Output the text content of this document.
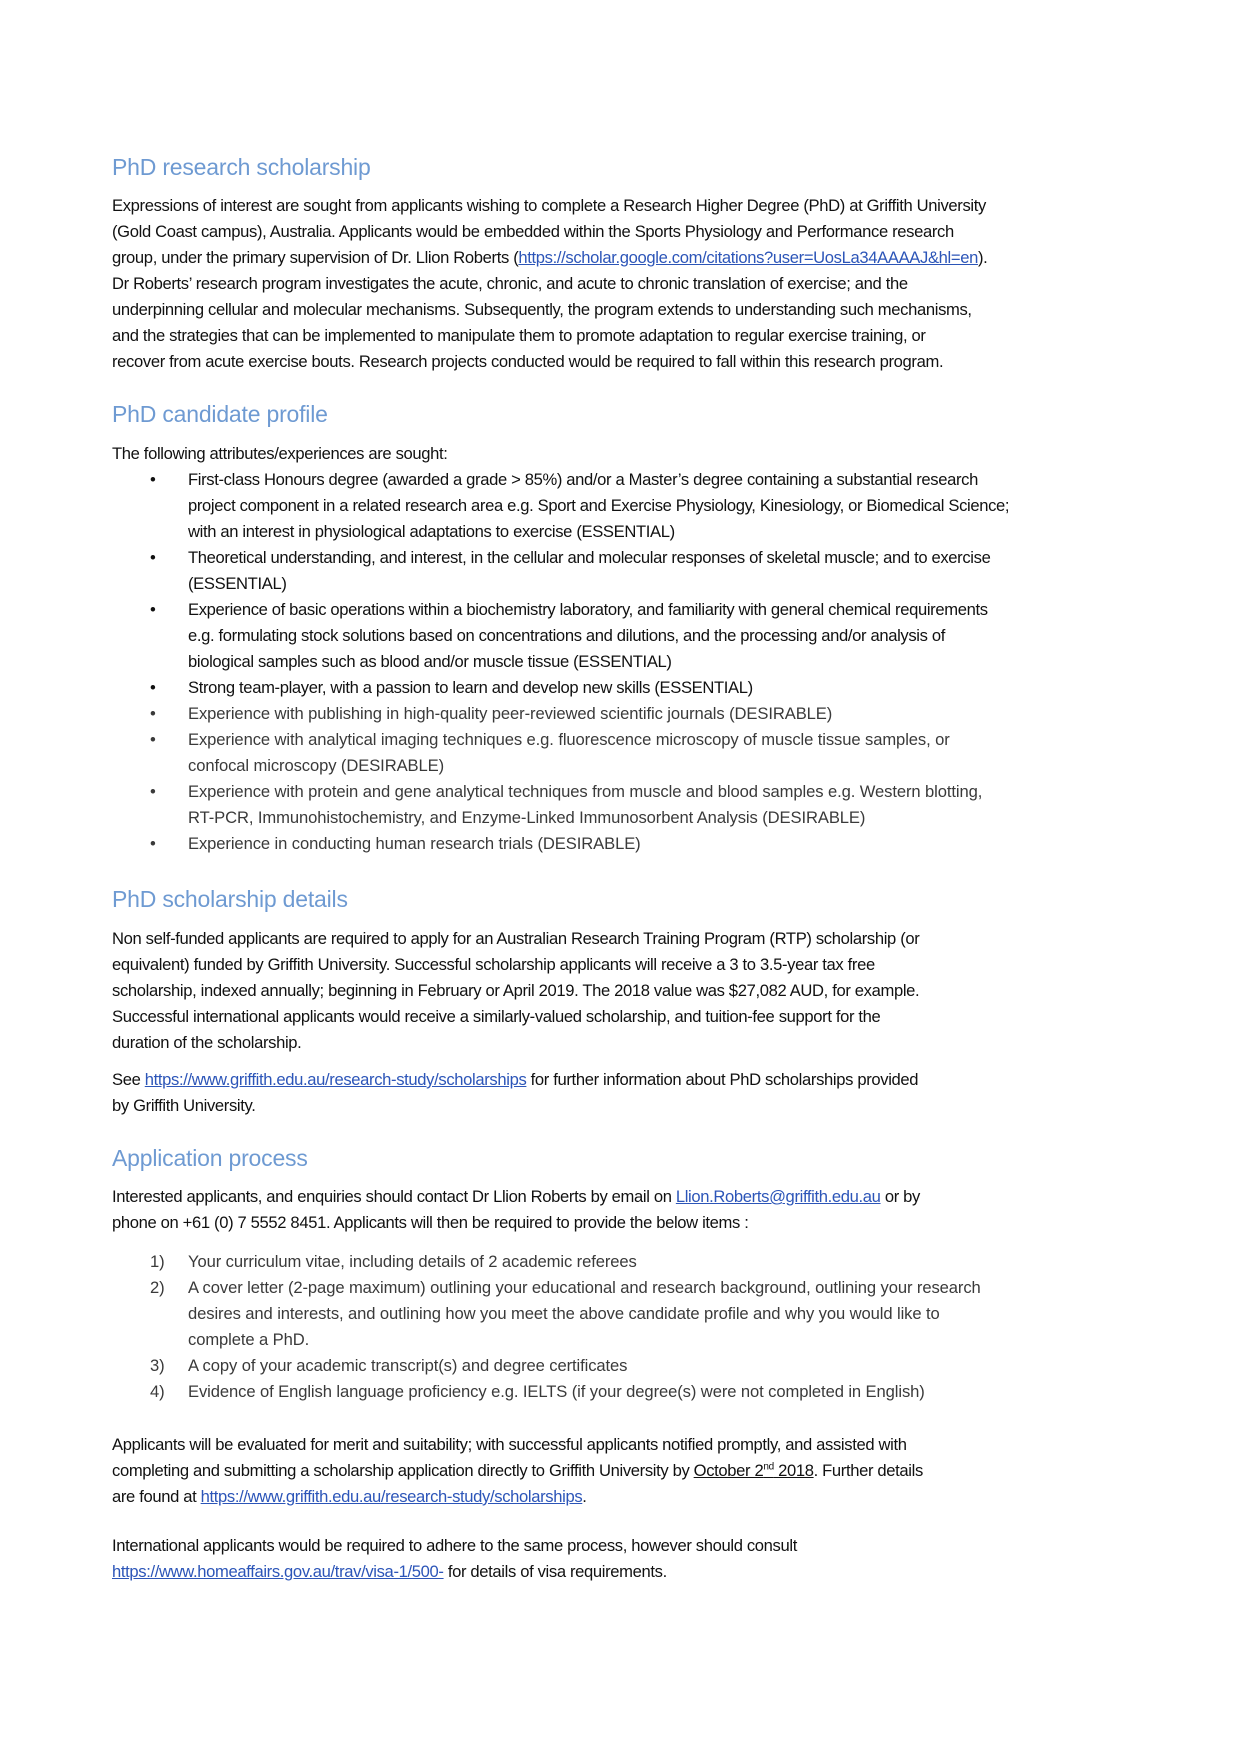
PhD research scholarship
Expressions of interest are sought from applicants wishing to complete a Research Higher Degree (PhD) at Griffith University
(Gold Coast campus), Australia. Applicants would be embedded within the Sports Physiology and Performance research
group, under the primary supervision of Dr. Llion Roberts (https://scholar.google.com/citations?user=UosLa34AAAAJ&hl=en).
Dr Roberts’ research program investigates the acute, chronic, and acute to chronic translation of exercise; and the
underpinning cellular and molecular mechanisms. Subsequently, the program extends to understanding such mechanisms,
and the strategies that can be implemented to manipulate them to promote adaptation to regular exercise training, or
recover from acute exercise bouts. Research projects conducted would be required to fall within this research program.
PhD candidate profile
The following attributes/experiences are sought:
• First-class Honours degree (awarded a grade > 85%) and/or a Master’s degree containing a substantial research
project component in a related research area e.g. Sport and Exercise Physiology, Kinesiology, or Biomedical Science;
with an interest in physiological adaptations to exercise (ESSENTIAL)
• Theoretical understanding, and interest, in the cellular and molecular responses of skeletal muscle; and to exercise
(ESSENTIAL)
• Experience of basic operations within a biochemistry laboratory, and familiarity with general chemical requirements
e.g. formulating stock solutions based on concentrations and dilutions, and the processing and/or analysis of
biological samples such as blood and/or muscle tissue (ESSENTIAL)
• Strong team-player, with a passion to learn and develop new skills (ESSENTIAL)
• Experience with publishing in high-quality peer-reviewed scientific journals (DESIRABLE)
• Experience with analytical imaging techniques e.g. fluorescence microscopy of muscle tissue samples, or
confocal microscopy (DESIRABLE)
• Experience with protein and gene analytical techniques from muscle and blood samples e.g. Western blotting,
RT-PCR, Immunohistochemistry, and Enzyme-Linked Immunosorbent Analysis (DESIRABLE)
• Experience in conducting human research trials (DESIRABLE)
PhD scholarship details
Non self-funded applicants are required to apply for an Australian Research Training Program (RTP) scholarship (or
equivalent) funded by Griffith University. Successful scholarship applicants will receive a 3 to 3.5-year tax free
scholarship, indexed annually; beginning in February or April 2019. The 2018 value was $27,082 AUD, for example.
Successful international applicants would receive a similarly-valued scholarship, and tuition-fee support for the
duration of the scholarship.
See https://www.griffith.edu.au/research-study/scholarships for further information about PhD scholarships provided
by Griffith University.
Application process
Interested applicants, and enquiries should contact Dr Llion Roberts by email on Llion.Roberts@griffith.edu.au or by
phone on +61 (0) 7 5552 8451. Applicants will then be required to provide the below items :
1) Your curriculum vitae, including details of 2 academic referees
2) A cover letter (2-page maximum) outlining your educational and research background, outlining your research
desires and interests, and outlining how you meet the above candidate profile and why you would like to
complete a PhD.
3) A copy of your academic transcript(s) and degree certificates
4) Evidence of English language proficiency e.g. IELTS (if your degree(s) were not completed in English)
Applicants will be evaluated for merit and suitability; with successful applicants notified promptly, and assisted with
completing and submitting a scholarship application directly to Griffith University by October 2nd 2018. Further details
are found at https://www.griffith.edu.au/research-study/scholarships.
International applicants would be required to adhere to the same process, however should consult
https://www.homeaffairs.gov.au/trav/visa-1/500- for details of visa requirements.
